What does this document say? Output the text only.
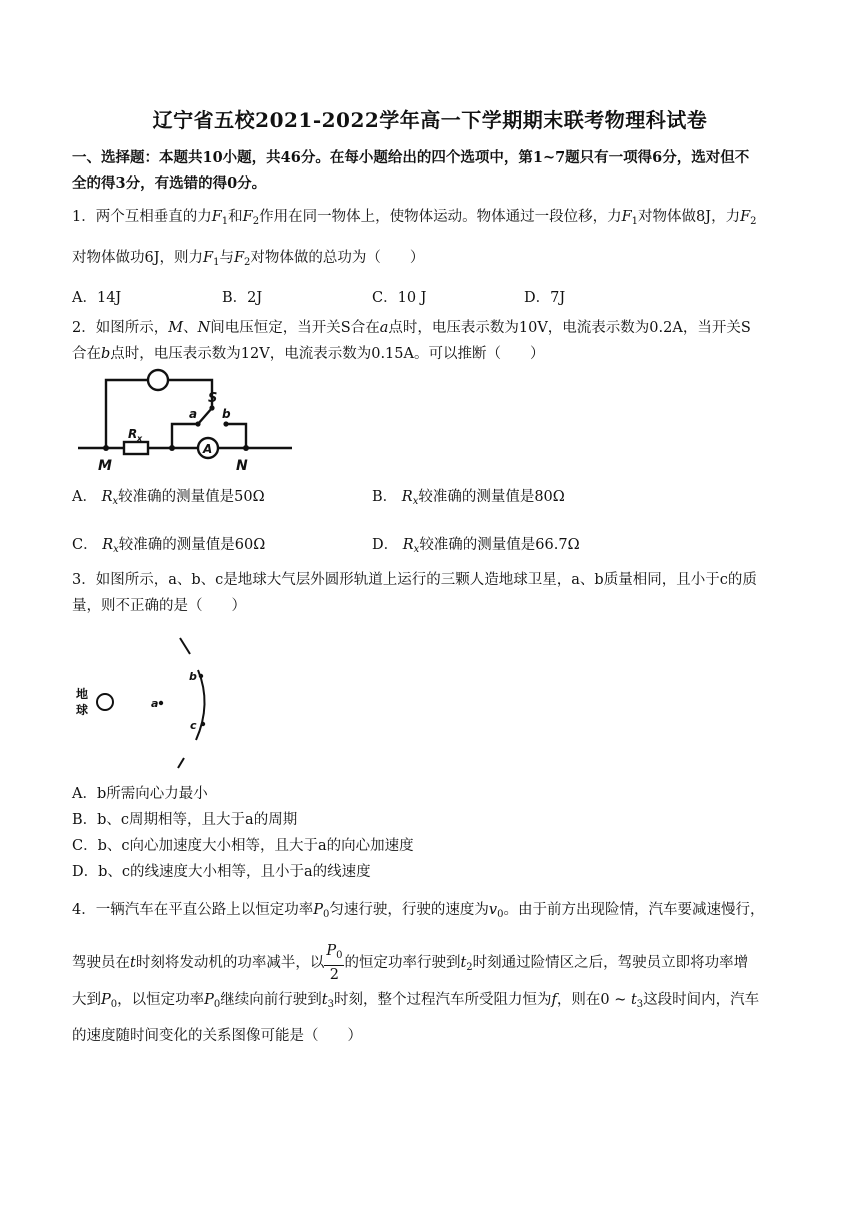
辽宁省五校2021-2022学年高一下学期期末联考物理科试卷
一、选择题：本题共10小题，共46分。在每小题给出的四个选项中，第1~7题只有一项得6分，选对但不
全的得3分，有选错的得0分。
1．两个互相垂直的力$F_1$和$F_2$作用在同一物体上，使物体运动。物体通过一段位移，力$F_1$对物体做8J，力$F_2$
对物体做功6J，则力$F_1$与$F_2$对物体做的总功为（　　）
A．14J	B．2J	C．10 J	D．7J
2．如图所示，M、N间电压恒定，当开关S合在a点时，电压表示数为10V，电流表示数为0.2A，当开关S
合在b点时，电压表示数为12V，电流表示数为0.15A。可以推断（　　）
S
a b
R x
A
M	N
A． $R_x$较准确的测量值是50Ω	B． $R_x$较准确的测量值是80Ω
C． $R_x$较准确的测量值是60Ω	D． $R_x$较准确的测量值是66.7Ω
3．如图所示，a、b、c是地球大气层外圆形轨道上运行的三颗人造地球卫星，a、b质量相同，且小于c的质
量，则不正确的是（　　）
地
球	a
b
c
A．b所需向心力最小
B．b、c周期相等，且大于a的周期
C．b、c向心加速度大小相等，且大于a的向心加速度
D．b、c的线速度大小相等，且小于a的线速度
4．一辆汽车在平直公路上以恒定功率$P_0$匀速行驶，行驶的速度为$v_0$。由于前方出现险情，汽车要减速慢行，
驾驶员在t时刻将发动机的功率减半，以 $\frac{P_0}{2}$ 的恒定功率行驶到$t_2$时刻通过险情区之后，驾驶员立即将功率增
大到$P_0$，以恒定功率$P_0$继续向前行驶到$t_3$时刻，整个过程汽车所受阻力恒为f，则在0 ~ $t_3$这段时间内，汽车
的速度随时间变化的关系图像可能是（　　）
